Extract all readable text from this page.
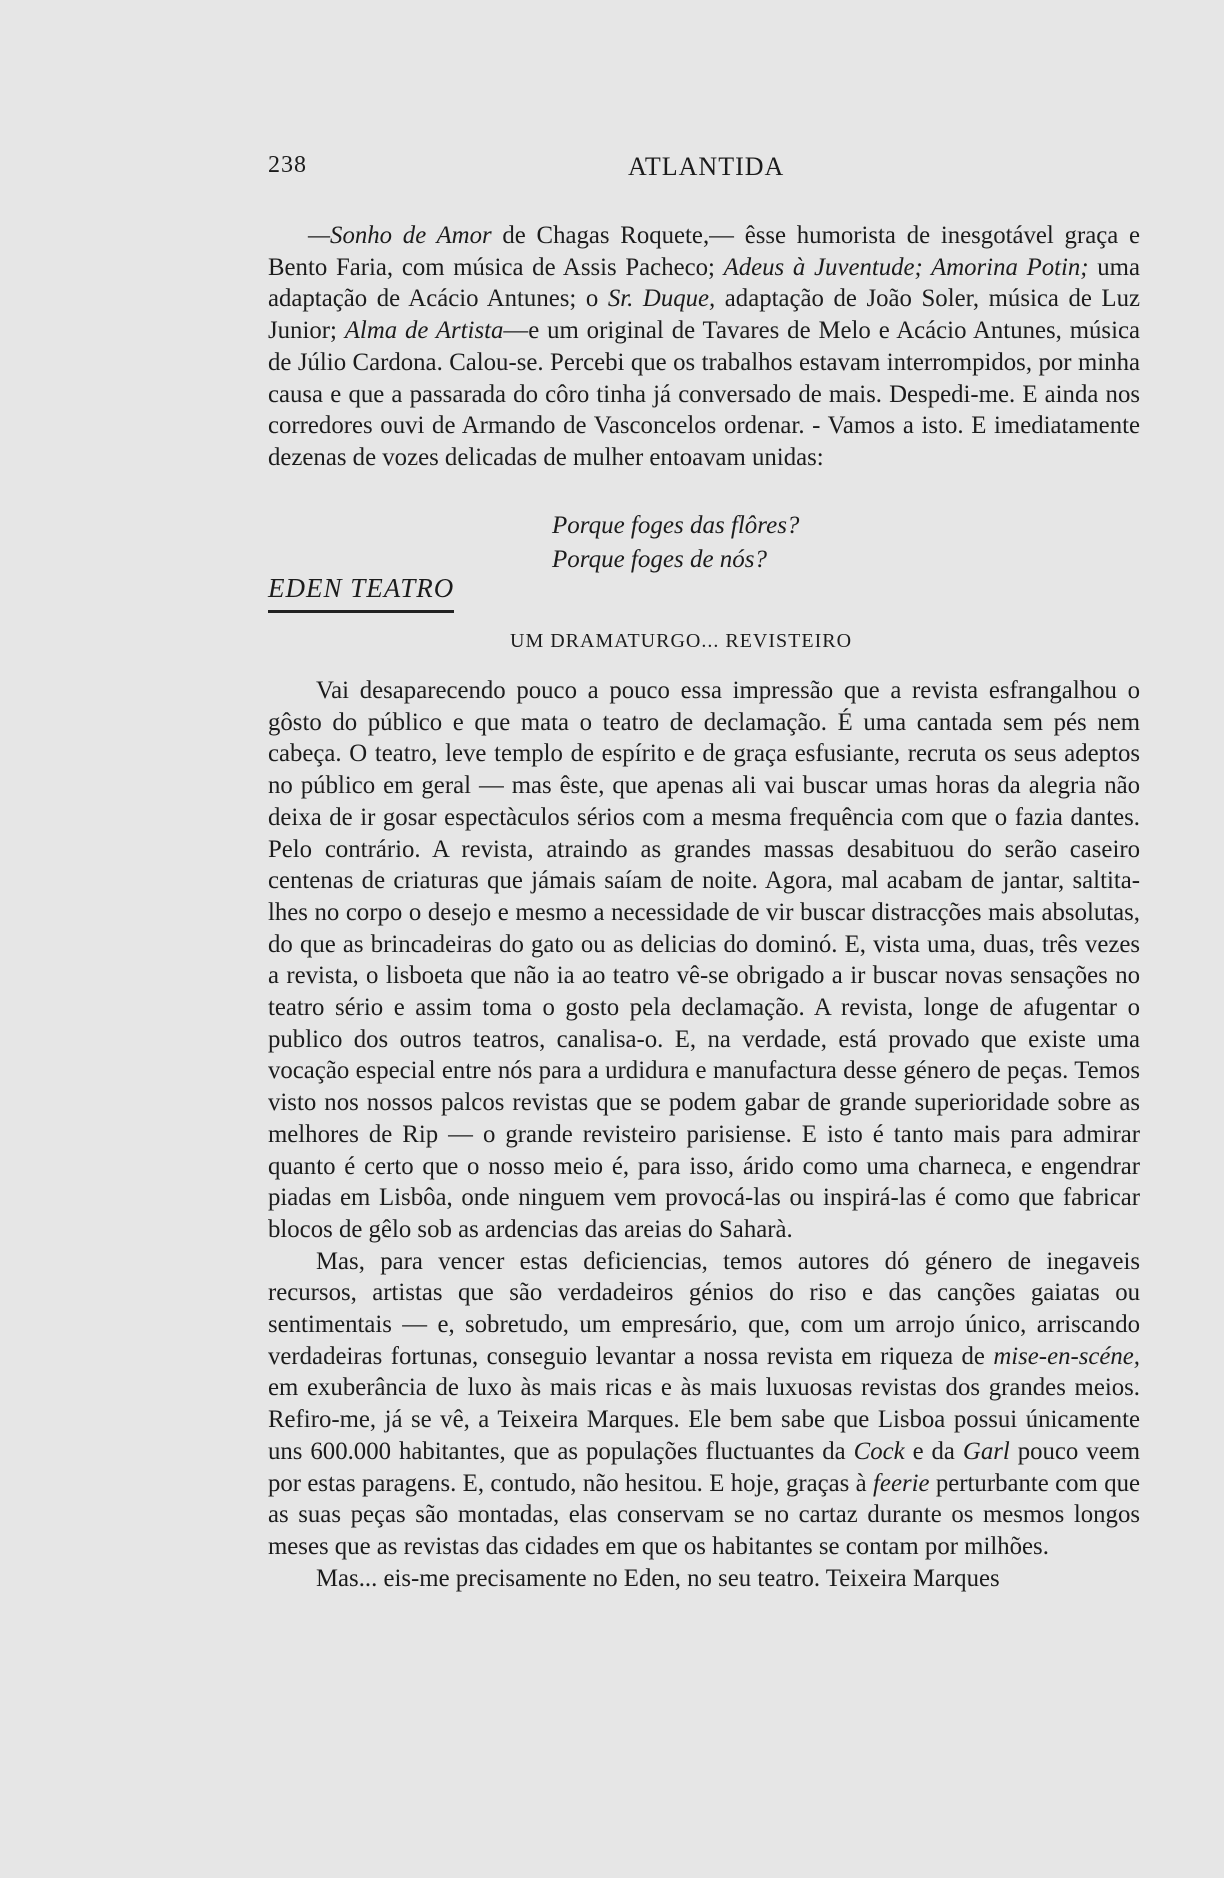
238	ATLANTIDA

—Sonho de Amor de Chagas Roquete,— êsse humorista de inesgotável graça e Bento Faria, com música de Assis Pacheco; Adeus à Juventude; Amorina Potin; uma adaptação de Acácio Antunes; o Sr. Duque, adaptação de João Soler, música de Luz Junior; Alma de Artista—e um original de Tavares de Melo e Acácio Antunes, música de Júlio Cardona. Calou-se. Percebi que os trabalhos estavam interrompidos, por minha causa e que a passarada do côro tinha já conversado de mais. Despedi-me. E ainda nos corredores ouvi de Armando de Vasconcelos ordenar. - Vamos a isto. E imediatamente dezenas de vozes delicadas de mulher entoavam unidas:

Porque foges das flôres?
Porque foges de nós?
EDEN TEATRO
UM DRAMATURGO... REVISTEIRO

Vai desaparecendo pouco a pouco essa impressão que a revista esfrangalhou o gôsto do público e que mata o teatro de declamação. É uma cantada sem pés nem cabeça. O teatro, leve templo de espírito e de graça esfusiante, recruta os seus adeptos no público em geral — mas êste, que apenas ali vai buscar umas horas da alegria não deixa de ir gosar espectàculos sérios com a mesma frequência com que o fazia dantes. Pelo contrário. A revista, atraindo as grandes massas desabituou do serão caseiro centenas de criaturas que jámais saíam de noite. Agora, mal acabam de jantar, saltita-lhes no corpo o desejo e mesmo a necessidade de vir buscar distracções mais absolutas, do que as brincadeiras do gato ou as delicias do dominó. E, vista uma, duas, três vezes a revista, o lisboeta que não ia ao teatro vê-se obrigado a ir buscar novas sensações no teatro sério e assim toma o gosto pela declamação. A revista, longe de afugentar o publico dos outros teatros, canalisa-o. E, na verdade, está provado que existe uma vocação especial entre nós para a urdidura e manufactura desse género de peças. Temos visto nos nossos palcos revistas que se podem gabar de grande superioridade sobre as melhores de Rip — o grande revisteiro parisiense. E isto é tanto mais para admirar quanto é certo que o nosso meio é, para isso, árido como uma charneca, e engendrar piadas em Lisbôa, onde ninguem vem provocá-las ou inspirá-las é como que fabricar blocos de gêlo sob as ardencias das areias do Saharà.

Mas, para vencer estas deficiencias, temos autores dó género de inegaveis recursos, artistas que são verdadeiros génios do riso e das canções gaiatas ou sentimentais — e, sobretudo, um empresário, que, com um arrojo único, arriscando verdadeiras fortunas, conseguio levantar a nossa revista em riqueza de mise-en-scéne, em exuberância de luxo às mais ricas e às mais luxuosas revistas dos grandes meios. Refiro-me, já se vê, a Teixeira Marques. Ele bem sabe que Lisboa possui únicamente uns 600.000 habitantes, que as populações fluctuantes da Cock e da Garl pouco veem por estas paragens. E, contudo, não hesitou. E hoje, graças à feerie perturbante com que as suas peças são montadas, elas conservam se no cartaz durante os mesmos longos meses que as revistas das cidades em que os habitantes se contam por milhões.

Mas... eis-me precisamente no Eden, no seu teatro. Teixeira Marques
